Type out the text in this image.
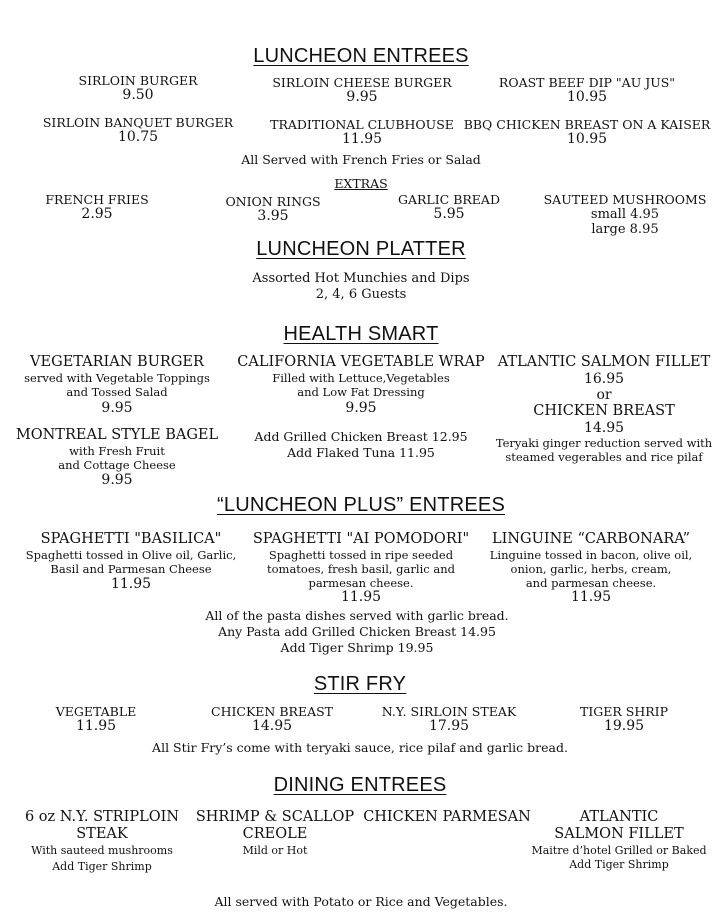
LUNCHEON ENTREES
SIRLOIN BURGER
9.50
SIRLOIN CHEESE BURGER
9.95
ROAST BEEF DIP "AU JUS"
10.95
SIRLOIN BANQUET BURGER
10.75
TRADITIONAL CLUBHOUSE
11.95
BBQ CHICKEN BREAST ON A KAISER
10.95
All Served with French Fries or Salad
EXTRAS
FRENCH FRIES
2.95
ONION RINGS
3.95
GARLIC BREAD
5.95
SAUTEED MUSHROOMS
small 4.95
large 8.95
LUNCHEON PLATTER
Assorted Hot Munchies and Dips
2, 4, 6 Guests
HEALTH SMART
VEGETARIAN BURGER
served with Vegetable Toppings
and Tossed Salad
9.95
CALIFORNIA VEGETABLE WRAP
Filled with Lettuce,Vegetables
and Low Fat Dressing
9.95
ATLANTIC SALMON FILLET
16.95
or
CHICKEN BREAST
14.95
Teryaki ginger reduction served with
steamed vegerables and rice pilaf
MONTREAL STYLE BAGEL
with Fresh Fruit
and Cottage Cheese
9.95
Add Grilled Chicken Breast 12.95
Add Flaked Tuna 11.95
“LUNCHEON PLUS” ENTREES
SPAGHETTI "BASILICA"
Spaghetti tossed in Olive oil, Garlic,
Basil and Parmesan Cheese
11.95
SPAGHETTI "AI POMODORI"
Spaghetti tossed in ripe seeded
tomatoes, fresh basil, garlic and
parmesan cheese.
11.95
LINGUINE “CARBONARA”
Linguine tossed in bacon, olive oil,
onion, garlic, herbs, cream,
and parmesan cheese.
11.95
All of the pasta dishes served with garlic bread.
Any Pasta add Grilled Chicken Breast 14.95
Add Tiger Shrimp 19.95
STIR FRY
VEGETABLE
11.95
CHICKEN BREAST
14.95
N.Y. SIRLOIN STEAK
17.95
TIGER SHRIP
19.95
All Stir Fry’s come with teryaki sauce, rice pilaf and garlic bread.
DINING ENTREES
6 oz N.Y. STRIPLOIN
STEAK
With sauteed mushrooms
Add Tiger Shrimp
SHRIMP & SCALLOP
CREOLE
Mild or Hot
CHICKEN PARMESAN	ATLANTIC
SALMON FILLET
Maitre d’hotel Grilled or Baked
Add Tiger Shrimp
All served with Potato or Rice and Vegetables.
